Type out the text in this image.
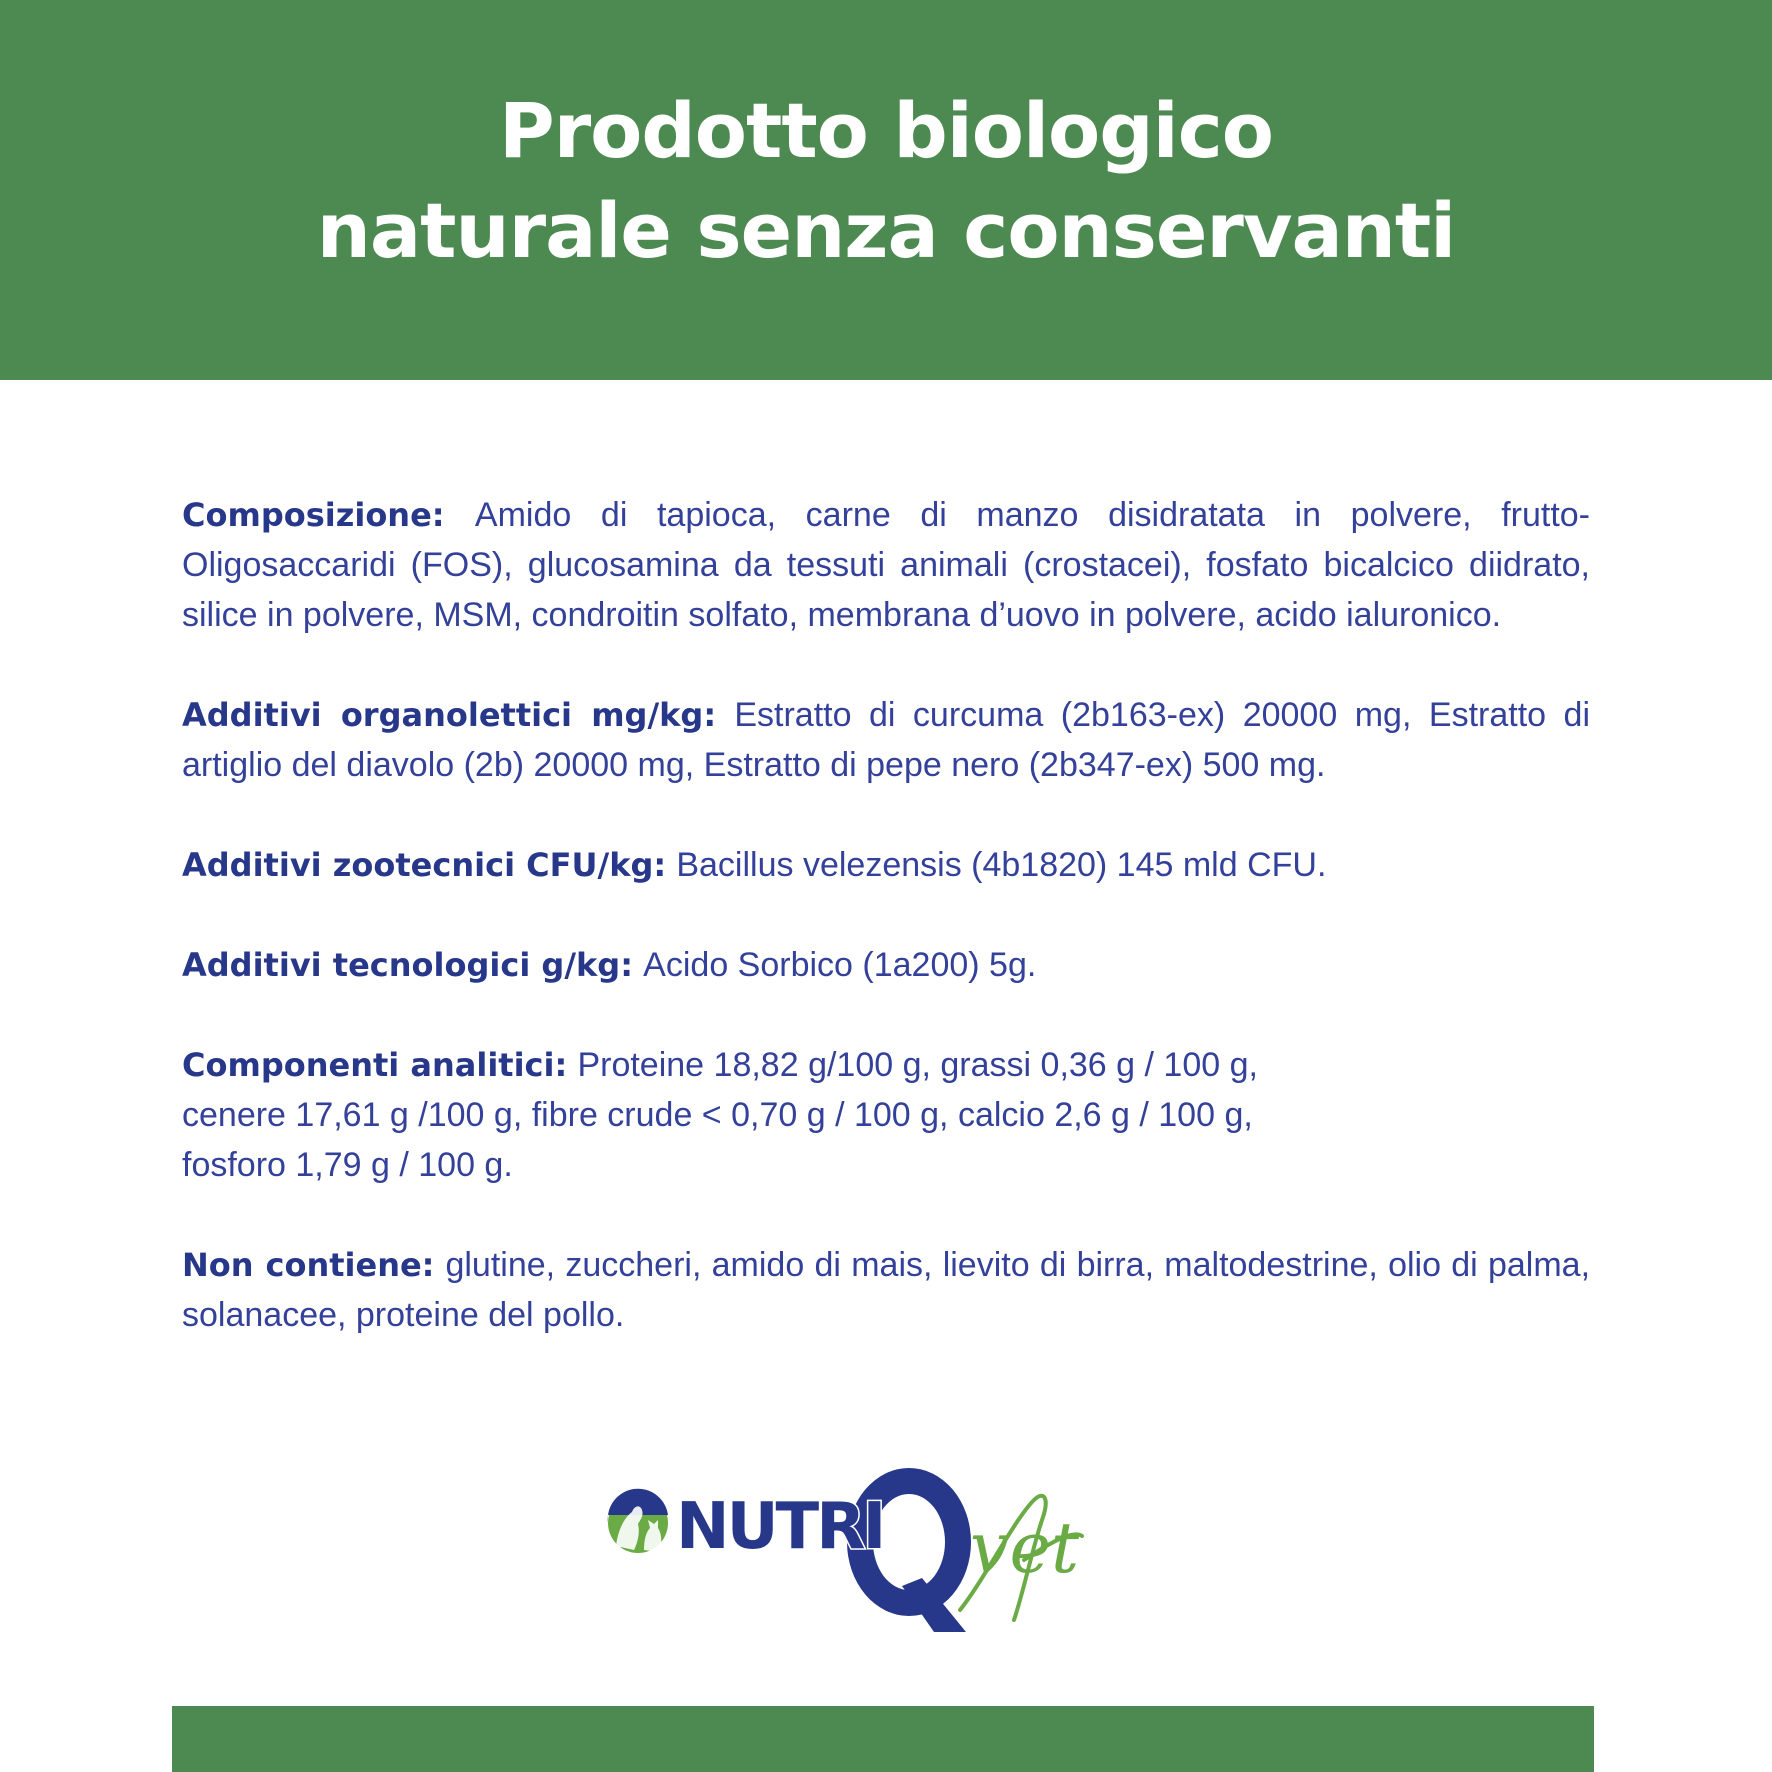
Prodotto biologico
naturale senza conservanti

Composizione: Amido di tapioca, carne di manzo disidratata in polvere, frutto-Oligosaccaridi (FOS), glucosamina da tessuti animali (crostacei), fosfato bicalcico diidrato, silice in polvere, MSM, condroitin solfato, membrana d’uovo in polvere, acido ialuronico.

Additivi organolettici mg/kg: Estratto di curcuma (2b163-ex) 20000 mg, Estratto di artiglio del diavolo (2b) 20000 mg, Estratto di pepe nero (2b347-ex) 500 mg.

Additivi zootecnici CFU/kg: Bacillus velezensis (4b1820) 145 mld CFU.

Additivi tecnologici g/kg: Acido Sorbico (1a200) 5g.

Componenti analitici: Proteine 18,82 g/100 g, grassi 0,36 g / 100 g,
cenere 17,61 g /100 g, fibre crude < 0,70 g / 100 g, calcio 2,6 g / 100 g,
fosforo 1,79 g / 100 g.

Non contiene: glutine, zuccheri, amido di mais, lievito di birra, maltodestrine, olio di palma, solanacee, proteine del pollo.

NUTRI vet
